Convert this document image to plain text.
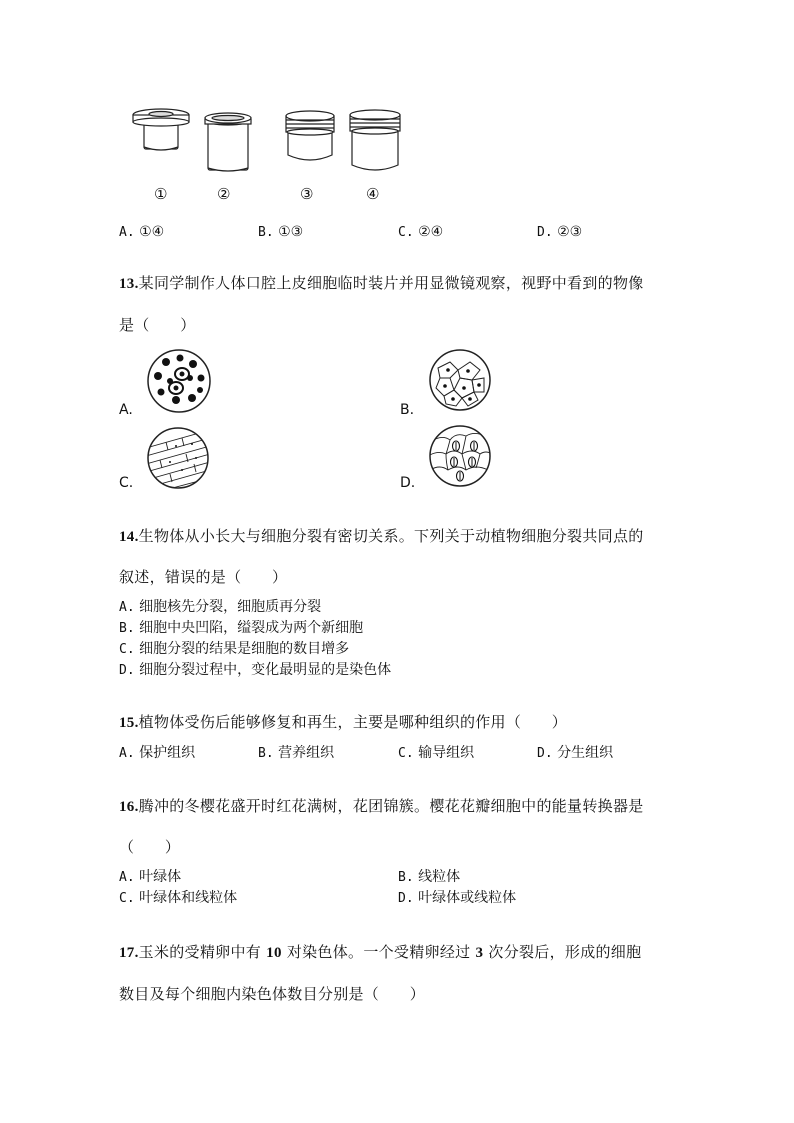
①	②	③	④
A. ①④	B. ①③	C. ②④	D. ②③
13.某同学制作人体口腔上皮细胞临时装片并用显微镜观察，视野中看到的物像
是（　　）
A.	B.
C.	D.
14.生物体从小长大与细胞分裂有密切关系。下列关于动植物细胞分裂共同点的
叙述，错误的是（　　）
A. 细胞核先分裂，细胞质再分裂
B. 细胞中央凹陷，缢裂成为两个新细胞
C. 细胞分裂的结果是细胞的数目增多
D. 细胞分裂过程中，变化最明显的是染色体
15.植物体受伤后能够修复和再生，主要是哪种组织的作用（　　）
A. 保护组织	B. 营养组织	C. 输导组织	D. 分生组织
16.腾冲的冬樱花盛开时红花满树，花团锦簇。樱花花瓣细胞中的能量转换器是
（　　）
A. 叶绿体	B. 线粒体
C. 叶绿体和线粒体	D. 叶绿体或线粒体
17.玉米的受精卵中有 10 对染色体。一个受精卵经过 3 次分裂后，形成的细胞
数目及每个细胞内染色体数目分别是（　　）
